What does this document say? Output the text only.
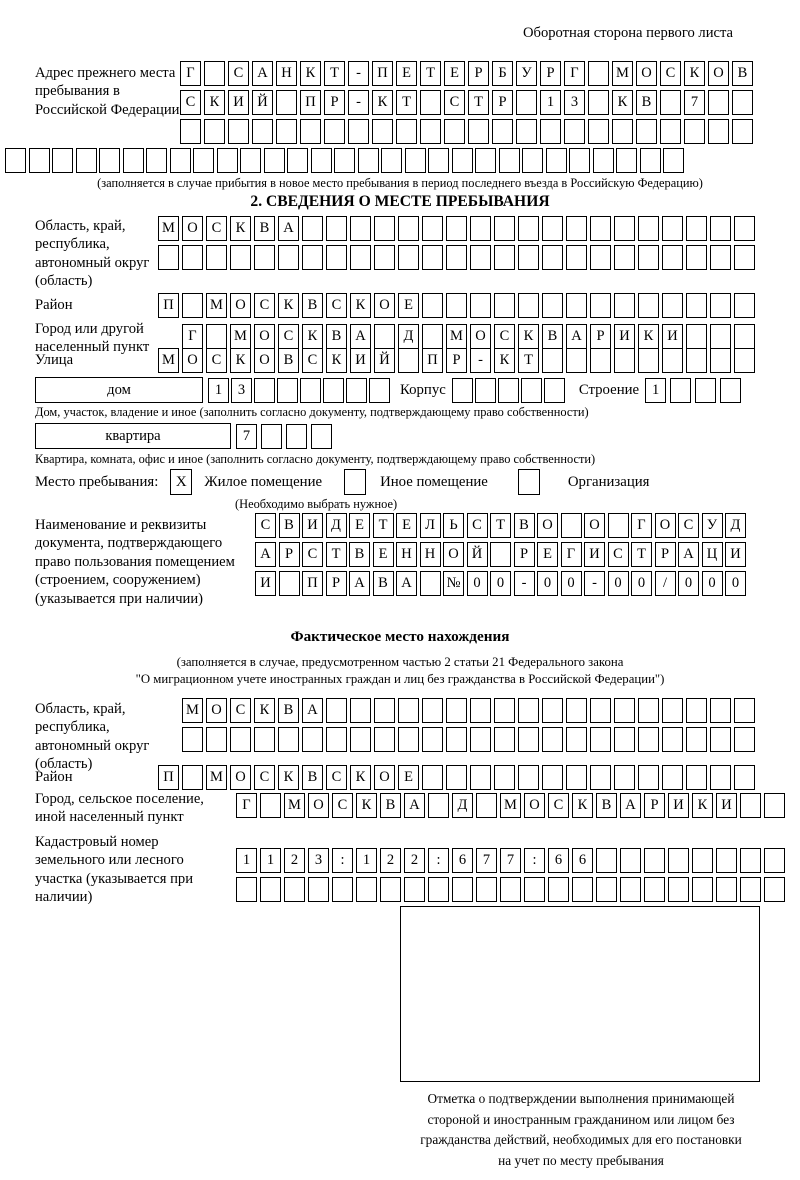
Оборотная сторона первого листа
Адрес прежнего места пребывания в Российской Федерации
Г	С А Н К	Т	-	П Е	Т	Е	Р	Б	У	Р	Г	М О С К О В
С К И Й	П	Р	-	К	Т	С	Т	Р	1	3	К В	7
(заполняется в случае прибытия в новое место пребывания в период последнего въезда в Российскую Федерацию)
2. СВЕДЕНИЯ О МЕСТЕ ПРЕБЫВАНИЯ
Область, край, республика, автономный округ (область)
М О С К В А
Район	П	М О С К В С К О Е
Город или другой населенный пункт
Г	М О С К В А	Д	М О С К В А	Р	И К И
Улица	М О С К О В С К И Й	П	Р	-	К	Т
дом	1	3	Корпус	Строение 1
Дом, участок, владение и иное (заполнить согласно документу, подтверждающему право собственности)
квартира	7
Квартира, комната, офис и иное (заполнить согласно документу, подтверждающему право собственности)
Место пребывания:	X	Жилое помещение	Иное помещение	Организация
(Необходимо выбрать нужное)
Наименование и реквизиты документа, подтверждающего право пользования помещением (строением, сооружением) (указывается при наличии)
С В И Д Е	Т	Е Л Ь	С Т В О	О	Г О С У Д
А Р	С Т В Е Н Н О Й	Р	Е	Г И С Т	Р А Ц И
И	П Р А В А	№ 0	0	-	0	0	-	0	0	/	0	0	0
Фактическое место нахождения
(заполняется в случае, предусмотренном частью 2 статьи 21 Федерального закона
"О миграционном учете иностранных граждан и лиц без гражданства в Российской Федерации")
Область, край, республика, автономный округ (область)
М О С К В А
Район	П	М О С К В С К О Е
Город, сельское поселение, иной населенный пункт
Г	М О С К В А	Д	М О С К В А	Р	И К И
Кадастровый номер земельного или лесного участка (указывается при наличии)
1	1	2	3	:	1	2	2	:	6	7	7	:	6	6
Отметка о подтверждении выполнения принимающей
стороной и иностранным гражданином или лицом без
гражданства действий, необходимых для его постановки
на учет по месту пребывания
